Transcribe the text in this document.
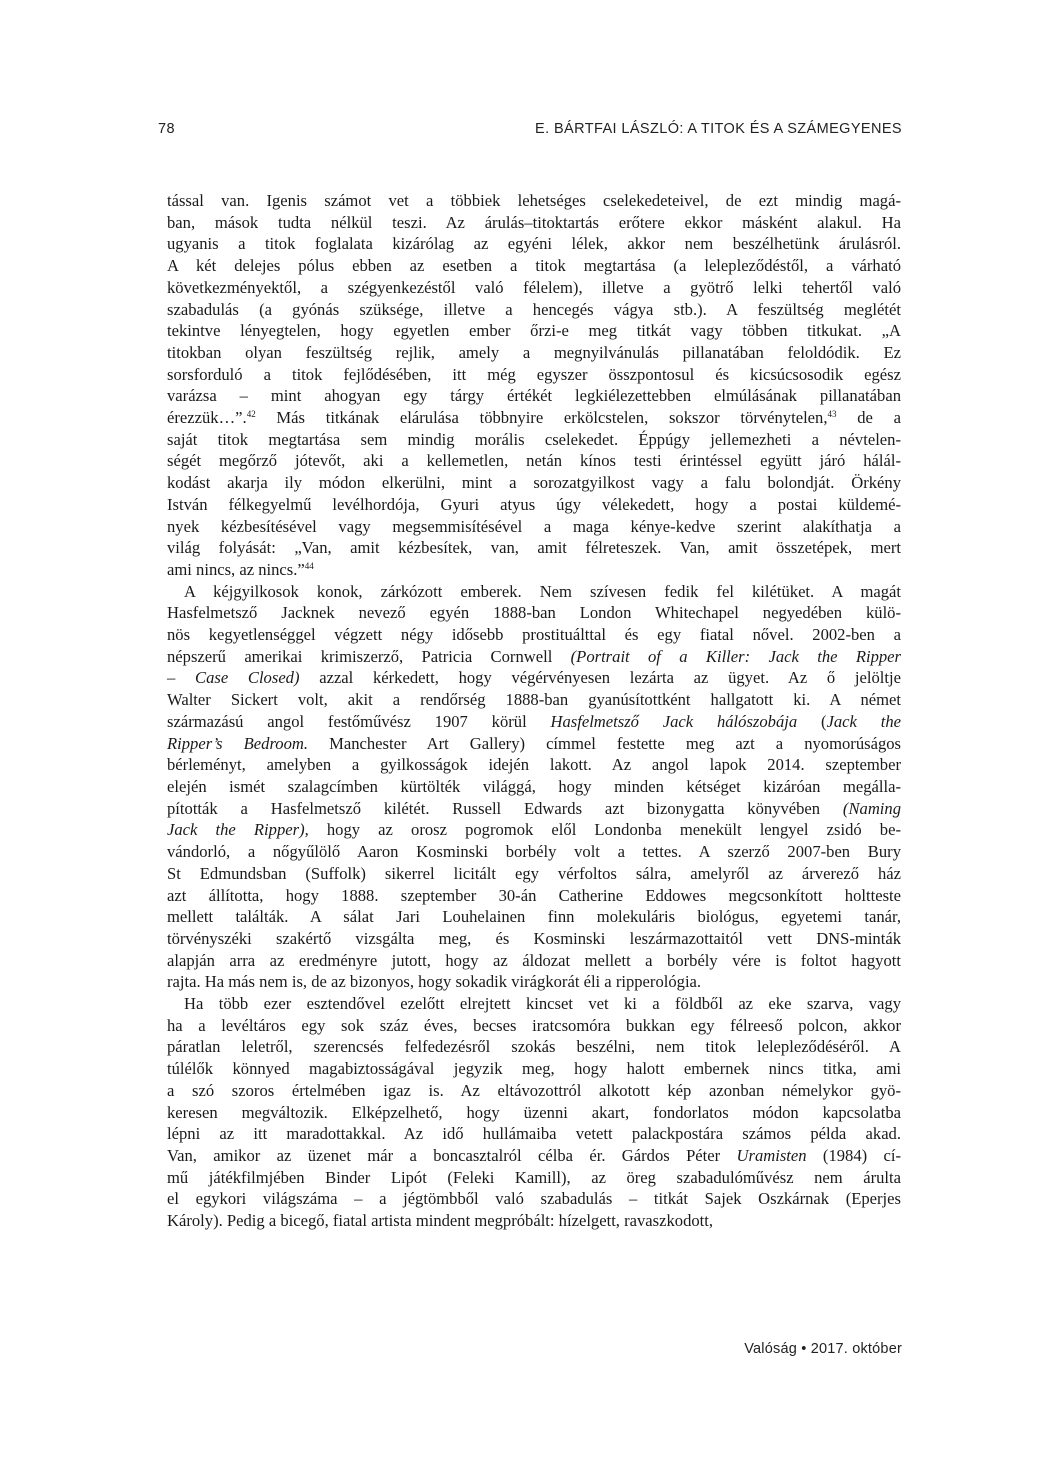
78	E. BÁRTFAI LÁSZLÓ: A TITOK ÉS A SZÁMEGYENES

tással van. Igenis számot vet a többiek lehetséges cselekedeteivel, de ezt mindig magá-
ban, mások tudta nélkül teszi. Az árulás–titoktartás erőtere ekkor másként alakul. Ha
ugyanis a titok foglalata kizárólag az egyéni lélek, akkor nem beszélhetünk árulásról.
A két delejes pólus ebben az esetben a titok megtartása (a lelepleződéstől, a várható
következményektől, a szégyenkezéstől való félelem), illetve a gyötrő lelki tehertől való
szabadulás (a gyónás szüksége, illetve a hencegés vágya stb.). A feszültség meglétét
tekintve lényegtelen, hogy egyetlen ember őrzi-e meg titkát vagy többen titkukat. „A
titokban olyan feszültség rejlik, amely a megnyilvánulás pillanatában feloldódik. Ez
sorsforduló a titok fejlődésében, itt még egyszer összpontosul és kicsúcsosodik egész
varázsa – mint ahogyan egy tárgy értékét legkiélezettebben elmúlásának pillanatában
érezzük…”.$^{42}$ Más titkának elárulása többnyire erkölcstelen, sokszor törvénytelen,$^{43}$ de a
saját titok megtartása sem mindig morális cselekedet. Éppúgy jellemezheti a névtelen-
ségét megőrző jótevőt, aki a kellemetlen, netán kínos testi érintéssel együtt járó hálál-
kodást akarja ily módon elkerülni, mint a sorozatgyilkost vagy a falu bolondját. Örkény
István félkegyelmű levélhordója, Gyuri atyus úgy vélekedett, hogy a postai küldemé-
nyek kézbesítésével vagy megsemmisítésével a maga kénye-kedve szerint alakíthatja a
világ folyását: „Van, amit kézbesítek, van, amit félreteszek. Van, amit összetépek, mert
ami nincs, az nincs.”$^{44}$

A kéjgyilkosok konok, zárkózott emberek. Nem szívesen fedik fel kilétüket. A magát
Hasfelmetsző Jacknek nevező egyén 1888-ban London Whitechapel negyedében külö-
nös kegyetlenséggel végzett négy idősebb prostituálttal és egy fiatal nővel. 2002-ben a
népszerű amerikai krimiszerző, Patricia Cornwell (Portrait of a Killer: Jack the Ripper
– Case Closed) azzal kérkedett, hogy végérvényesen lezárta az ügyet. Az ő jelöltje
Walter Sickert volt, akit a rendőrség 1888-ban gyanúsítottként hallgatott ki. A német
származású angol festőművész 1907 körül Hasfelmetsző Jack hálószobája (Jack the
Ripper’s Bedroom. Manchester Art Gallery) címmel festette meg azt a nyomorúságos
bérleményt, amelyben a gyilkosságok idején lakott. Az angol lapok 2014. szeptember
elején ismét szalagcímben kürtölték világgá, hogy minden kétséget kizáróan megálla-
pították a Hasfelmetsző kilétét. Russell Edwards azt bizonygatta könyvében (Naming
Jack the Ripper), hogy az orosz pogromok elől Londonba menekült lengyel zsidó be-
vándorló, a nőgyűlölő Aaron Kosminski borbély volt a tettes. A szerző 2007-ben Bury
St Edmundsban (Suffolk) sikerrel licitált egy vérfoltos sálra, amelyről az árverező ház
azt állította, hogy 1888. szeptember 30-án Catherine Eddowes megcsonkított holttestе
mellett találták. A sálat Jari Louhelainen finn molekuláris biológus, egyetemi tanár,
törvényszéki szakértő vizsgálta meg, és Kosminski leszármazottaitól vett DNS-minták
alapján arra az eredményre jutott, hogy az áldozat mellett a borbély vére is foltot hagyott
rajta. Ha más nem is, de az bizonyos, hogy sokadik virágkorát éli a ripperológia.

Ha több ezer esztendővel ezelőtt elrejtett kincset vet ki a földből az eke szarva, vagy
ha a levéltáros egy sok száz éves, becses iratcsomóra bukkan egy félreeső polcon, akkor
páratlan leletről, szerencsés felfedezésről szokás beszélni, nem titok lelepleződéséről. A
túlélők könnyed magabiztosságával jegyzik meg, hogy halott embernek nincs titka, ami
a szó szoros értelmében igaz is. Az eltávozottról alkotott kép azonban némelykor gyö-
keresen megváltozik. Elképzelhető, hogy üzenni akart, fondorlatos módon kapcsolatba
lépni az itt maradottakkal. Az idő hullámaiba vetett palackpostára számos példa akad.
Van, amikor az üzenet már a boncasztalról célba ér. Gárdos Péter Uramisten (1984) cí-
mű játékfilmjében Binder Lipót (Feleki Kamill), az öreg szabadulóművész nem árulta
el egykori világszáma – a jégtömbből való szabadulás – titkát Sajek Oszkárnak (Eperjes
Károly). Pedig a bicegő, fiatal artista mindent megpróbált: hízelgett, ravaszkodott,

Valóság • 2017. október
